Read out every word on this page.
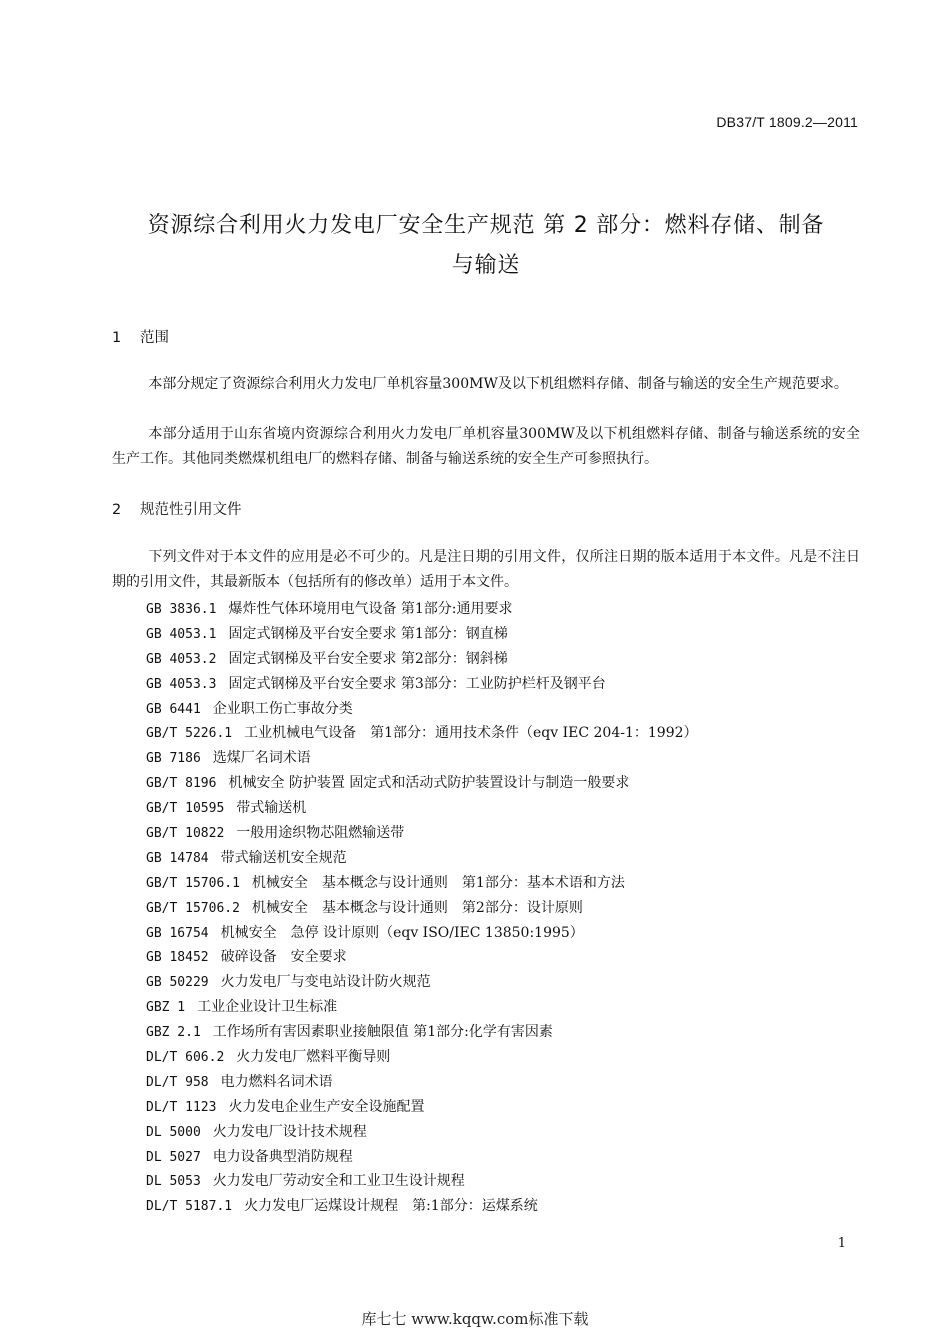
DB37/T 1809.2—2011
资源综合利用火力发电厂安全生产规范 第 2 部分：燃料存储、制备
与输送
1 范围

本部分规定了资源综合利用火力发电厂单机容量300MW及以下机组燃料存储、制备与输送的安全生产规范要求。

本部分适用于山东省境内资源综合利用火力发电厂单机容量300MW及以下机组燃料存储、制备与输送系统的安全生产工作。其他同类燃煤机组电厂的燃料存储、制备与输送系统的安全生产可参照执行。

2 规范性引用文件

下列文件对于本文件的应用是必不可少的。凡是注日期的引用文件，仅所注日期的版本适用于本文件。凡是不注日期的引用文件，其最新版本（包括所有的修改单）适用于本文件。

GB 3836.1 爆炸性气体环境用电气设备 第1部分:通用要求
GB 4053.1 固定式钢梯及平台安全要求 第1部分：钢直梯
GB 4053.2 固定式钢梯及平台安全要求 第2部分：钢斜梯
GB 4053.3 固定式钢梯及平台安全要求 第3部分：工业防护栏杆及钢平台
GB 6441 企业职工伤亡事故分类
GB/T 5226.1 工业机械电气设备　第1部分：通用技术条件（eqv IEC 204-1：1992）
GB 7186 选煤厂名词术语
GB/T 8196 机械安全 防护装置 固定式和活动式防护装置设计与制造一般要求
GB/T 10595 带式输送机
GB/T 10822 一般用途织物芯阻燃输送带
GB 14784 带式输送机安全规范
GB/T 15706.1 机械安全　基本概念与设计通则　第1部分：基本术语和方法
GB/T 15706.2 机械安全　基本概念与设计通则　第2部分：设计原则
GB 16754 机械安全　急停 设计原则（eqv ISO/IEC 13850:1995）
GB 18452 破碎设备　安全要求
GB 50229 火力发电厂与变电站设计防火规范
GBZ 1 工业企业设计卫生标准
GBZ 2.1 工作场所有害因素职业接触限值 第1部分:化学有害因素
DL/T 606.2 火力发电厂燃料平衡导则
DL/T 958 电力燃料名词术语
DL/T 1123 火力发电企业生产安全设施配置
DL 5000 火力发电厂设计技术规程
DL 5027 电力设备典型消防规程
DL 5053 火力发电厂劳动安全和工业卫生设计规程
DL/T 5187.1 火力发电厂运煤设计规程　第:1部分：运煤系统
1
库七七 www.kqqw.com标准下载
